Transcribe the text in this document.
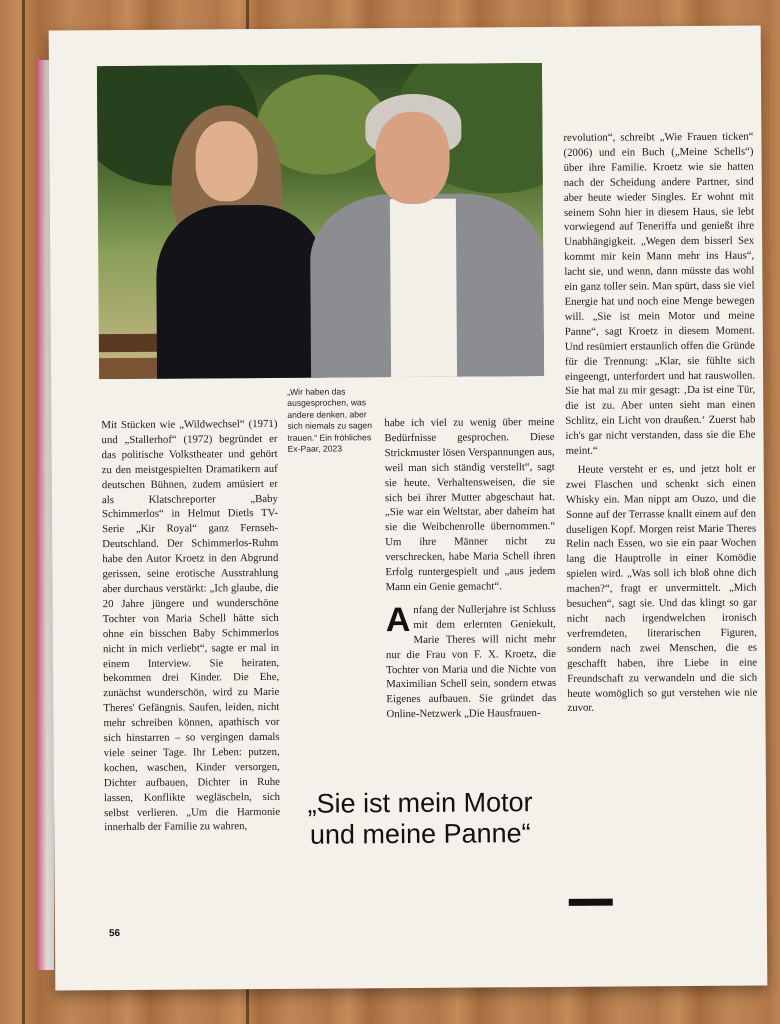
„Wir haben das ausgesprochen, was andere denken, aber sich niemals zu sagen trauen.“ Ein fröhliches Ex-Paar, 2023

Mit Stücken wie „Wildwechsel“ (1971) und „Stallerhof“ (1972) begründet er das politische Volkstheater und gehört zu den meistgespielten Dramatikern auf deutschen Bühnen, zudem amüsiert er als Klatschreporter „Baby Schimmerlos“ in Helmut Dietls TV-Serie „Kir Royal“ ganz Fernseh-Deutschland. Der Schimmerlos-Ruhm habe den Autor Kroetz in den Abgrund gerissen, seine erotische Ausstrahlung aber durchaus verstärkt: „Ich glaube, die 20 Jahre jüngere und wunderschöne Tochter von Maria Schell hätte sich ohne ein bisschen Baby Schimmerlos nicht in mich verliebt“, sagte er mal in einem Interview. Sie heiraten, bekommen drei Kinder. Die Ehe, zunächst wunderschön, wird zu Marie Theres' Gefängnis. Saufen, leiden, nicht mehr schreiben können, apathisch vor sich hinstarren – so vergingen damals viele seiner Tage. Ihr Leben: putzen, kochen, waschen, Kinder versorgen, Dichter aufbauen, Dichter in Ruhe lassen, Konflikte wegläscheln, sich selbst verlieren. „Um die Harmonie innerhalb der Familie zu wahren,

habe ich viel zu wenig über meine Bedürfnisse gesprochen. Diese Strickmuster lösen Verspannungen aus, weil man sich ständig verstellt“, sagt sie heute. Verhaltensweisen, die sie sich bei ihrer Mutter abgeschaut hat. „Sie war ein Weltstar, aber daheim hat sie die Weibchenrolle übernommen.“ Um ihre Männer nicht zu verschrecken, habe Maria Schell ihren Erfolg runtergespielt und „aus jedem Mann ein Genie gemacht“.

Anfang der Nullerjahre ist Schluss mit dem erlernten Geniekult, Marie Theres will nicht mehr nur die Frau von F. X. Kroetz, die Tochter von Maria und die Nichte von Maximilian Schell sein, sondern etwas Eigenes aufbauen. Sie gründet das Online-Netzwerk „Die Hausfrauen-

revolution“, schreibt „Wie Frauen ticken“ (2006) und ein Buch („Meine Schells“) über ihre Familie. Kroetz wie sie hatten nach der Scheidung andere Partner, sind aber heute wieder Singles. Er wohnt mit seinem Sohn hier in diesem Haus, sie lebt vorwiegend auf Teneriffa und genießt ihre Unabhängigkeit. „Wegen dem bisserl Sex kommt mir kein Mann mehr ins Haus“, lacht sie, und wenn, dann müsste das wohl ein ganz toller sein. Man spürt, dass sie viel Energie hat und noch eine Menge bewegen will. „Sie ist mein Motor und meine Panne“, sagt Kroetz in diesem Moment. Und resümiert erstaunlich offen die Gründe für die Trennung: „Klar, sie fühlte sich eingeengt, unterfordert und hat rauswollen. Sie hat mal zu mir gesagt: ‚Da ist eine Tür, die ist zu. Aber unten sieht man einen Schlitz, ein Licht von draußen.‘ Zuerst hab ich's gar nicht verstanden, dass sie die Ehe meint.“

Heute versteht er es, und jetzt holt er zwei Flaschen und schenkt sich einen Whisky ein. Man nippt am Ouzo, und die Sonne auf der Terrasse knallt einem auf den duseligen Kopf. Morgen reist Marie Theres Relin nach Essen, wo sie ein paar Wochen lang die Hauptrolle in einer Komödie spielen wird. „Was soll ich bloß ohne dich machen?“, fragt er unvermittelt. „Mich besuchen“, sagt sie. Und das klingt so gar nicht nach irgendwelchen ironisch verfremdeten, literarischen Figuren, sondern nach zwei Menschen, die es geschafft haben, ihre Liebe in eine Freundschaft zu verwandeln und die sich heute womöglich so gut verstehen wie nie zuvor.

„Sie ist mein Motor und meine Panne“

56
